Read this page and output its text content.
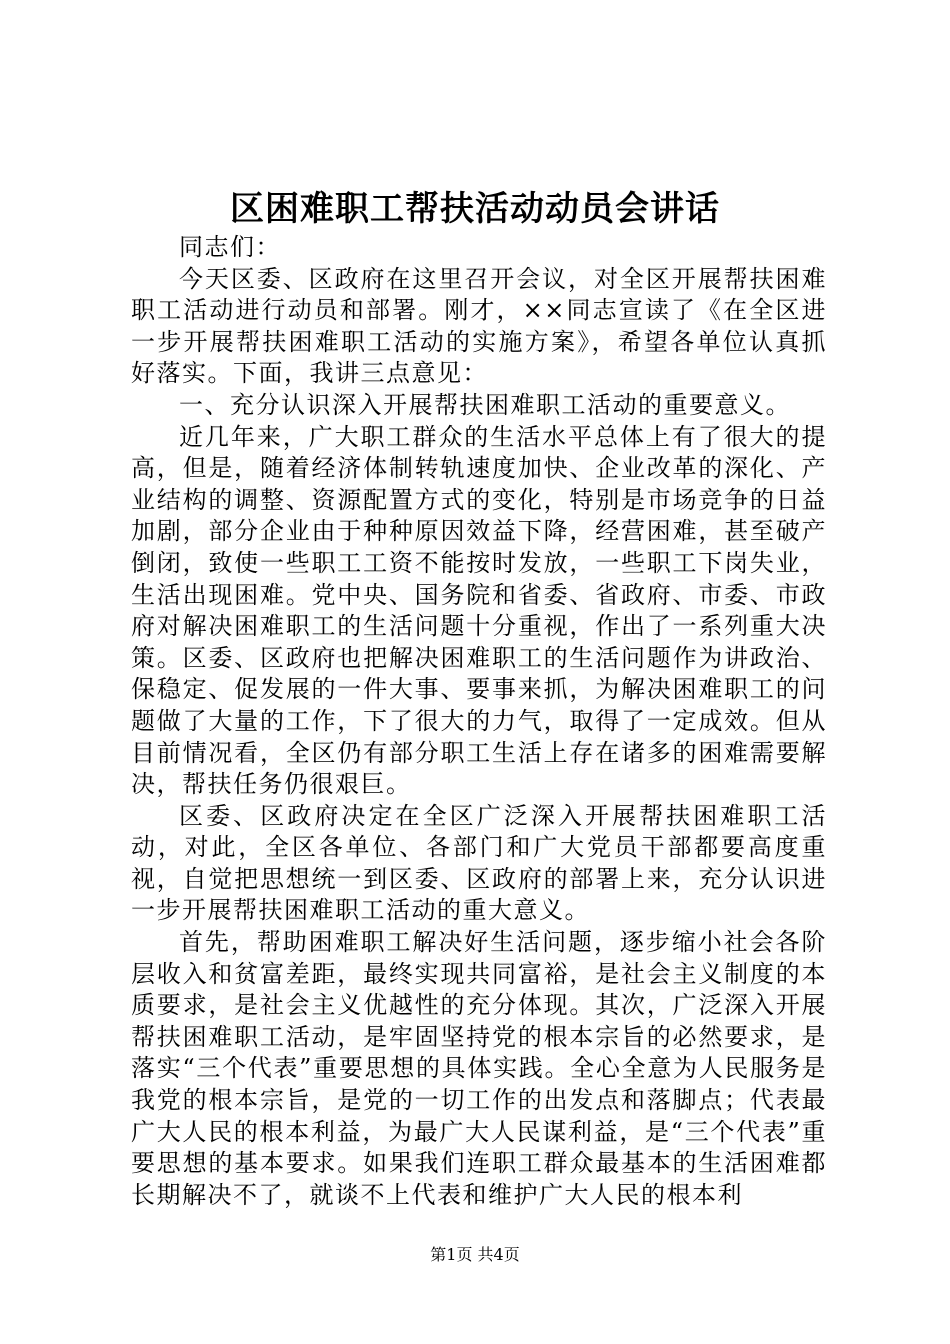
区困难职工帮扶活动动员会讲话

同志们：

今天区委、区政府在这里召开会议，对全区开展帮扶困难职工活动进行动员和部署。刚才，××同志宣读了《在全区进一步开展帮扶困难职工活动的实施方案》，希望各单位认真抓好落实。下面，我讲三点意见：

一、充分认识深入开展帮扶困难职工活动的重要意义。

近几年来，广大职工群众的生活水平总体上有了很大的提高，但是，随着经济体制转轨速度加快、企业改革的深化、产业结构的调整、资源配置方式的变化，特别是市场竞争的日益加剧，部分企业由于种种原因效益下降，经营困难，甚至破产倒闭，致使一些职工工资不能按时发放，一些职工下岗失业，生活出现困难。党中央、国务院和省委、省政府、市委、市政府对解决困难职工的生活问题十分重视，作出了一系列重大决策。区委、区政府也把解决困难职工的生活问题作为讲政治、保稳定、促发展的一件大事、要事来抓，为解决困难职工的问题做了大量的工作，下了很大的力气，取得了一定成效。但从目前情况看，全区仍有部分职工生活上存在诸多的困难需要解决，帮扶任务仍很艰巨。

区委、区政府决定在全区广泛深入开展帮扶困难职工活动，对此，全区各单位、各部门和广大党员干部都要高度重视，自觉把思想统一到区委、区政府的部署上来，充分认识进一步开展帮扶困难职工活动的重大意义。

首先，帮助困难职工解决好生活问题，逐步缩小社会各阶层收入和贫富差距，最终实现共同富裕，是社会主义制度的本质要求，是社会主义优越性的充分体现。其次，广泛深入开展帮扶困难职工活动，是牢固坚持党的根本宗旨的必然要求，是落实“三个代表”重要思想的具体实践。全心全意为人民服务是我党的根本宗旨，是党的一切工作的出发点和落脚点；代表最广大人民的根本利益，为最广大人民谋利益，是“三个代表”重要思想的基本要求。如果我们连职工群众最基本的生活困难都长期解决不了，就谈不上代表和维护广大人民的根本利

第1页 共4页
